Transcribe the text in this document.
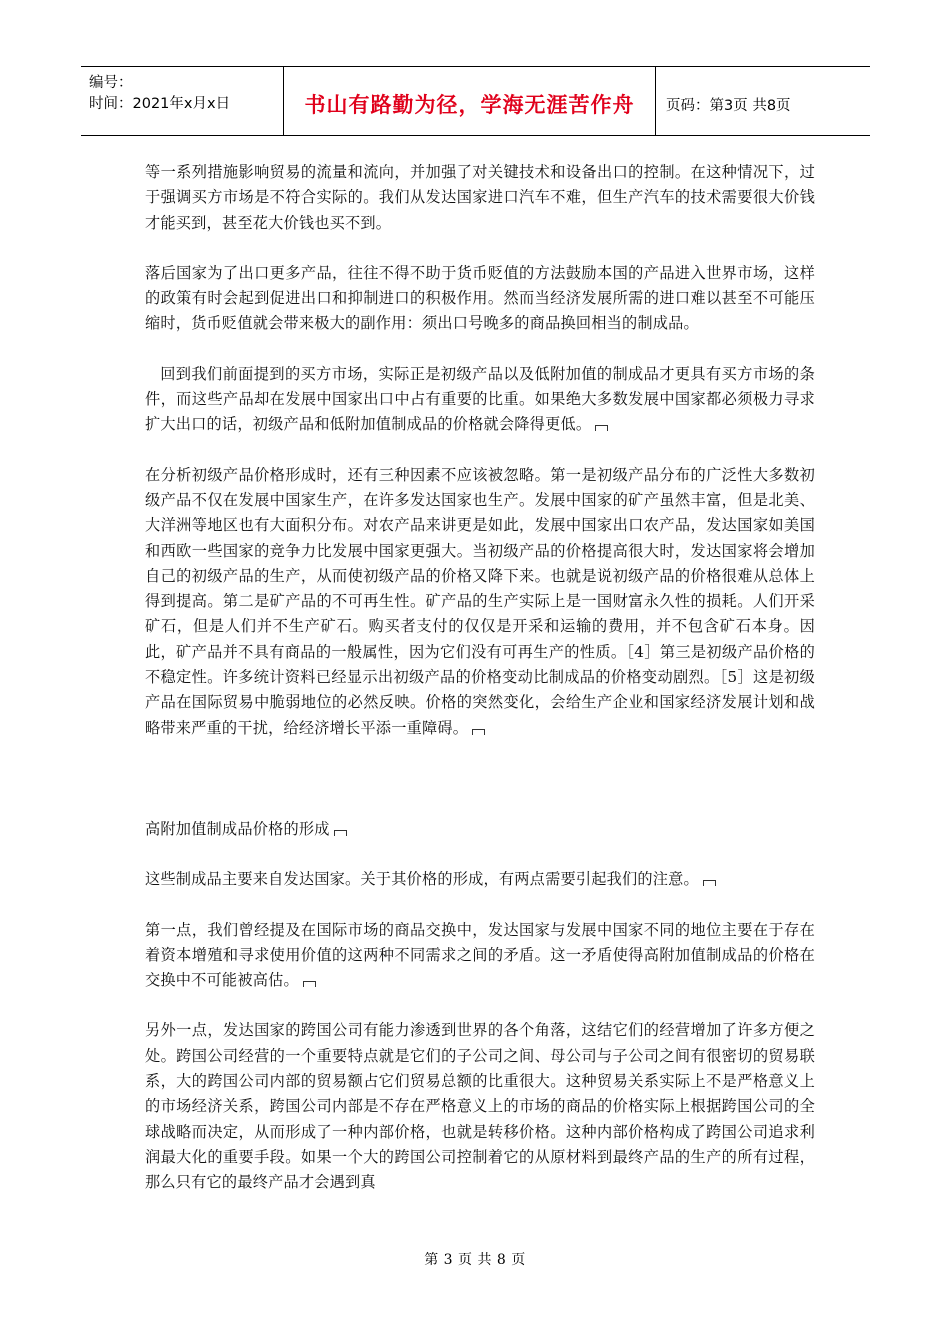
编号：
时间：2021年x月x日	书山有路勤为径，学海无涯苦作舟 页码：第3页 共8页

等一系列措施影响贸易的流量和流向，并加强了对关键技术和设备出口的控制。在这种情况下，过于强调买方市场是不符合实际的。我们从发达国家进口汽车不难，但生产汽车的技术需要很大价钱才能买到，甚至花大价钱也买不到。

落后国家为了出口更多产品，往往不得不助于货币贬值的方法鼓励本国的产品进入世界市场，这样的政策有时会起到促进出口和抑制进口的积极作用。然而当经济发展所需的进口难以甚至不可能压缩时，货币贬值就会带来极大的副作用：须出口号晚多的商品换回相当的制成品。

回到我们前面提到的买方市场，实际正是初级产品以及低附加值的制成品才更具有买方市场的条件，而这些产品却在发展中国家出口中占有重要的比重。如果绝大多数发展中国家都必须极力寻求扩大出口的话，初级产品和低附加值制成品的价格就会降得更低。

在分析初级产品价格形成时，还有三种因素不应该被忽略。第一是初级产品分布的广泛性大多数初级产品不仅在发展中国家生产，在许多发达国家也生产。发展中国家的矿产虽然丰富，但是北美、大洋洲等地区也有大面积分布。对农产品来讲更是如此，发展中国家出口农产品，发达国家如美国和西欧一些国家的竞争力比发展中国家更强大。当初级产品的价格提高很大时，发达国家将会增加自己的初级产品的生产，从而使初级产品的价格又降下来。也就是说初级产品的价格很难从总体上得到提高。第二是矿产品的不可再生性。矿产品的生产实际上是一国财富永久性的损耗。人们开采矿石，但是人们并不生产矿石。购买者支付的仅仅是开采和运输的费用，并不包含矿石本身。因此，矿产品并不具有商品的一般属性，因为它们没有可再生产的性质。［4］第三是初级产品价格的不稳定性。许多统计资料已经显示出初级产品的价格变动比制成品的价格变动剧烈。［5］这是初级产品在国际贸易中脆弱地位的必然反映。价格的突然变化，会给生产企业和国家经济发展计划和战略带来严重的干扰，给经济增长平添一重障碍。

高附加值制成品价格的形成

这些制成品主要来自发达国家。关于其价格的形成，有两点需要引起我们的注意。

第一点，我们曾经提及在国际市场的商品交换中，发达国家与发展中国家不同的地位主要在于存在着资本增殖和寻求使用价值的这两种不同需求之间的矛盾。这一矛盾使得高附加值制成品的价格在交换中不可能被高估。

另外一点，发达国家的跨国公司有能力渗透到世界的各个角落，这结它们的经营增加了许多方便之处。跨国公司经营的一个重要特点就是它们的子公司之间、母公司与子公司之间有很密切的贸易联系，大的跨国公司内部的贸易额占它们贸易总额的比重很大。这种贸易关系实际上不是严格意义上的市场经济关系，跨国公司内部是不存在严格意义上的市场的商品的价格实际上根据跨国公司的全球战略而决定，从而形成了一种内部价格，也就是转移价格。这种内部价格构成了跨国公司追求利润最大化的重要手段。如果一个大的跨国公司控制着它的从原材料到最终产品的生产的所有过程，那么只有它的最终产品才会遇到真

第 3 页 共 8 页
